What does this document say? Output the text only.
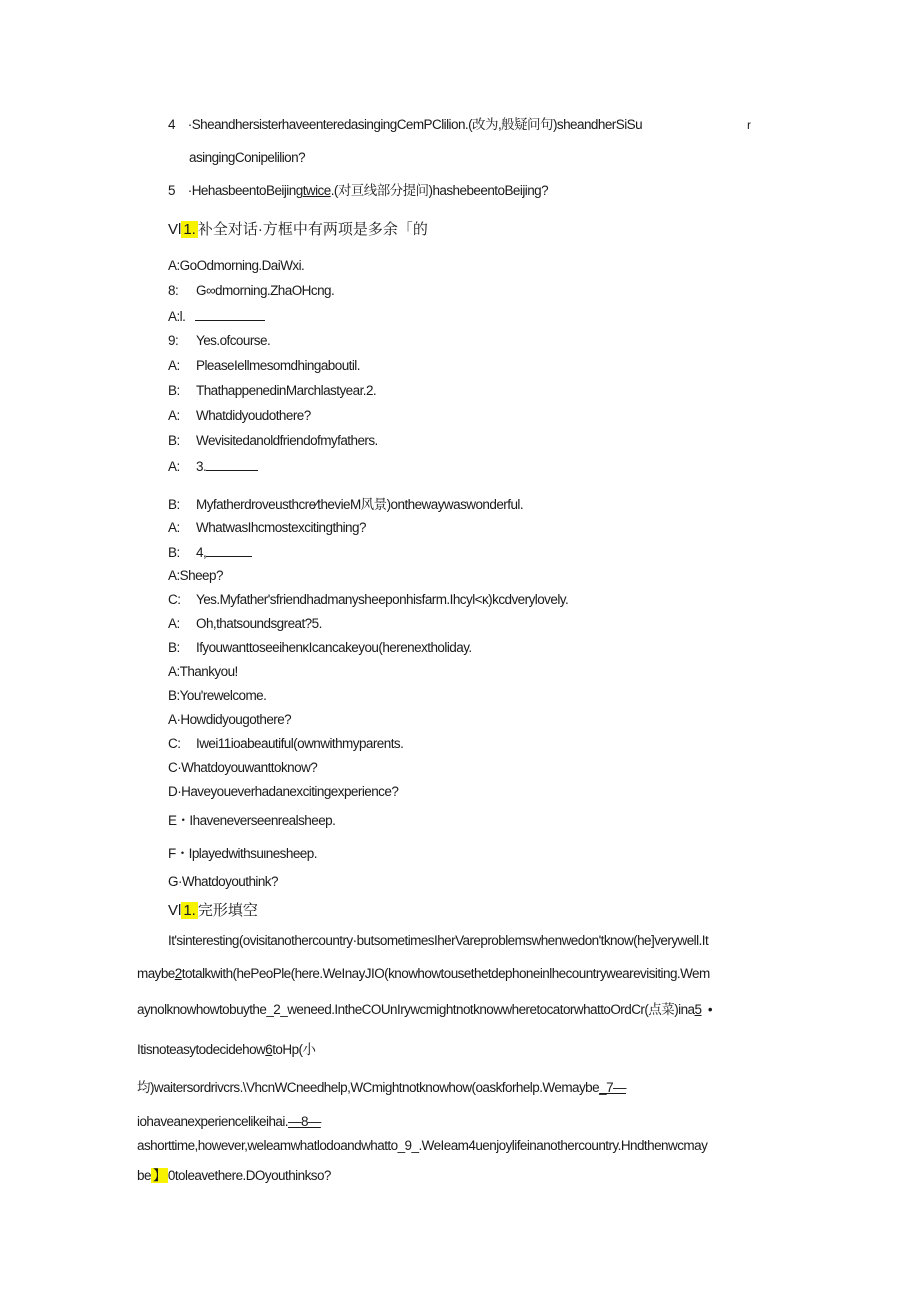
4 ·SheandhersisterhaveenteredasingingCemPClilion.(改为,般疑问句)sheandherSiSu	r
asingingConipelilion?
5 ·HehasbeentoBeijingtwice.(对亘线部分提问)hashebeentoBeijing?
Vl 1. 补全对话·方框中有两项是多余「的
A:GoOdmorning.DaiWxi.
8: G∞dmorning.ZhaOHcng.
A:l.
9: Yes.ofcourse.
A: PleaseIellmesomdhingaboutil.
B: ThathappenedinMarchlastyear.2.
A: Whatdidyoudothere?
B: Wevisitedanoldfriendofmyfathers.
A: 3.
B: Myfatherdroveusthcre⁄thevieM风景)onthewaywaswonderful.
A: WhatwasIhcmostexcitingthing?
B: 4,
A:Sheep?
C: Yes.Myfather'sfriendhadmanysheeponhisfarm.Ihcyl<κ)kcdverylovely.
A: Oh,thatsoundsgreat?5.
B: IfyouwanttoseeihenκIcancakeyou(herenextholiday.
A:Thankyou!
B:You'rewelcome.
A·Howdidyougothere?
C: Iwei11ioabeautiful(ownwithmyparents.
C·Whatdoyouwanttoknow?
D·Haveyoueverhadanexcitingexperience?
E・Ihaveneverseenrealsheep.
F・Iplayedwithsuιnesheep.
G·Whatdoyouthink?
Vl 1. 完形填空
It'sinteresting(ovisitanothercountry·butsometimesIherVareproblemswhenwedon'tknow(he]verywell.It
maybe2totalkwith(hePeoPle(here.WeInayJIO(knowhowtousethetdephoneinlhecountrywearevisiting.Wem
aynolknowhowtobuythe_2_weneed.IntheCOUnIrywcmightnotknowwheretocatorwhattoOrdCr(点菜)ina5 •
Itisnoteasytodecidehow6toHp(小
均)waitersordrivcrs.\VhcnWCneedhelp,WCmightnotknowhow(oaskforhelp.Wemaybe_7—
iohaveanexperiencelikeihai.—8—
ashorttime,however,weleamwhatlodoandwhatto_9_.WeIeam4uenjoylifeinanothercountry.Hndthenwcmay
be 】 0toleavethere.DOyouthinkso?
